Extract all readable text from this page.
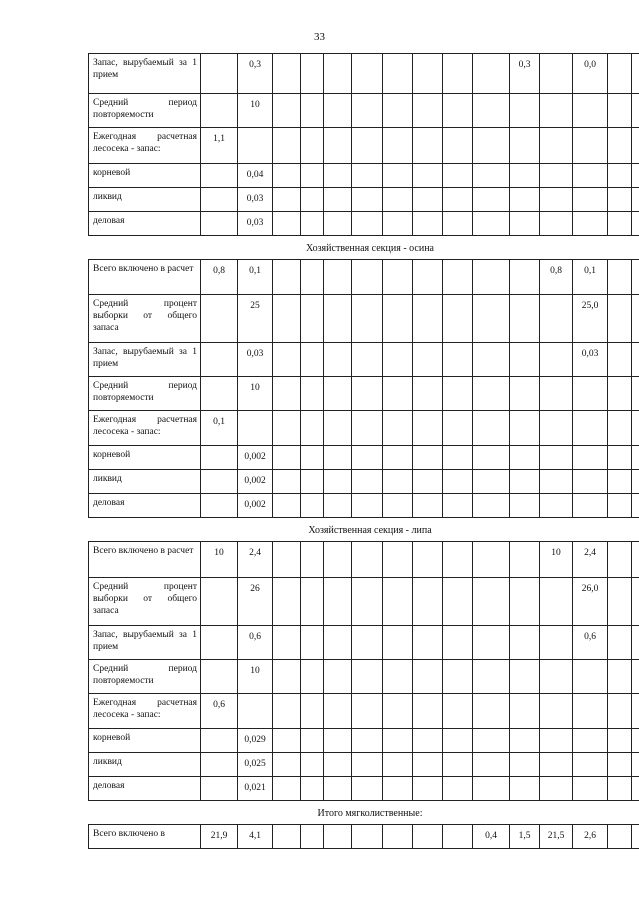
33
Запас, вырубаемый за 1 прием		0,3									0,3		0,0		
Средний период повторяемости		10													
Ежегодная расчетная лесосека - запас:	1,1														
корневой		0,04													
ликвид		0,03													
деловая		0,03													
Хозяйственная секция - осина															
Всего включено в расчет	0,8	0,1										0,8	0,1		
Средний процент выборки от общего запаса		25											25,0		
Запас, вырубаемый за 1 прием		0,03											0,03		
Средний период повторяемости		10													
Ежегодная расчетная лесосека - запас:	0,1														
корневой		0,002													
ликвид		0,002													
деловая		0,002													
Хозяйственная секция - липа															
Всего включено в расчет	10	2,4										10	2,4		
Средний процент выборки от общего запаса		26											26,0		
Запас, вырубаемый за 1 прием		0,6											0,6		
Средний период повторяемости		10													
Ежегодная расчетная лесосека - запас:	0,6														
корневой		0,029													
ликвид		0,025													
деловая		0,021													
Итого мягколиственные:															
Всего включено в	21,9	4,1								0,4	1,5	21,5	2,6		
